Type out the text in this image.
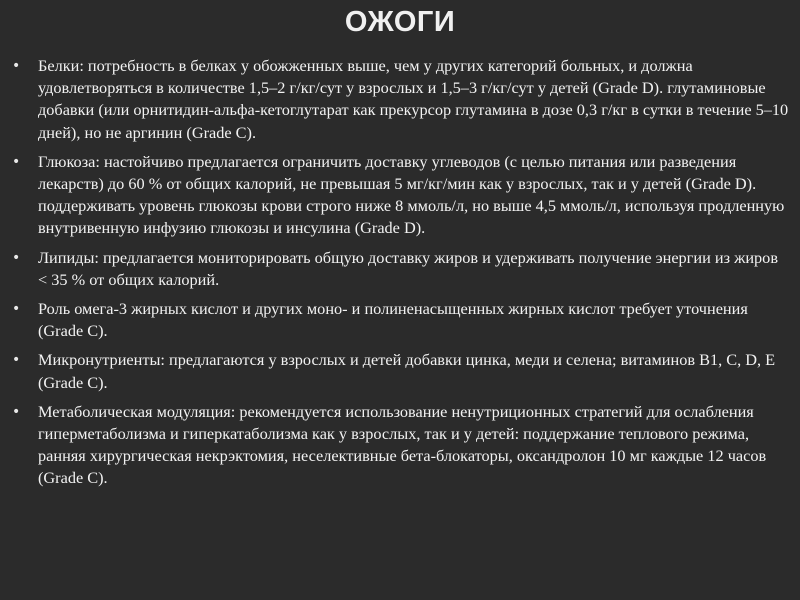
ОЖОГИ
• Белки: потребность в белках у обожженных выше, чем у других категорий больных, и должна удовлетворяться в количестве 1,5–2 г/кг/сут у взрослых и 1,5–3 г/кг/сут у детей (Grade D). глутаминовые добавки (или орнитидин-альфа-кетоглутарат как прекурсор глутамина в дозе 0,3 г/кг в сутки в течение 5–10 дней), но не аргинин (Grade C).
• Глюкоза: настойчиво предлагается ограничить доставку углеводов (с целью питания или разведения лекарств) до 60 % от общих калорий, не превышая 5 мг/кг/мин как у взрослых, так и у детей (Grade D). поддерживать уровень глюкозы крови строго ниже 8 ммоль/л, но выше 4,5 ммоль/л, используя продленную внутривенную инфузию глюкозы и инсулина (Grade D).
• Липиды: предлагается мониторировать общую доставку жиров и удерживать получение энергии из жиров < 35 % от общих калорий.
• Роль омега-3 жирных кислот и других моно- и полиненасыщенных жирных кислот требует уточнения (Grade C).
• Микронутриенты: предлагаются у взрослых и детей добавки цинка, меди и селена; витаминов B1, C, D, E (Grade C).
• Метаболическая модуляция: рекомендуется использование ненутриционных стратегий для ослабления гиперметаболизма и гиперкатаболизма как у взрослых, так и у детей: поддержание теплового режима, ранняя хирургическая некрэктомия, неселективные бета-блокаторы, оксандролон 10 мг каждые 12 часов (Grade C).
